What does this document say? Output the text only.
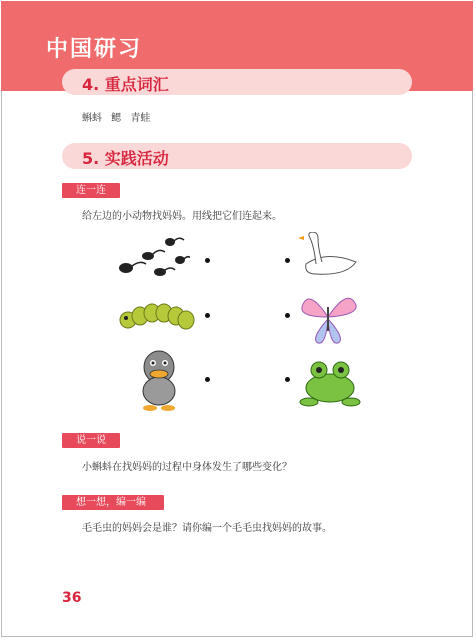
中国研习
4. 重点词汇
蝌蚪 鳃 青蛙
5. 实践活动
连一连
给左边的小动物找妈妈。用线把它们连起来。
说一说
小蝌蚪在找妈妈的过程中身体发生了哪些变化？
想一想，编一编
毛毛虫的妈妈会是谁？请你编一个毛毛虫找妈妈的故事。
36
